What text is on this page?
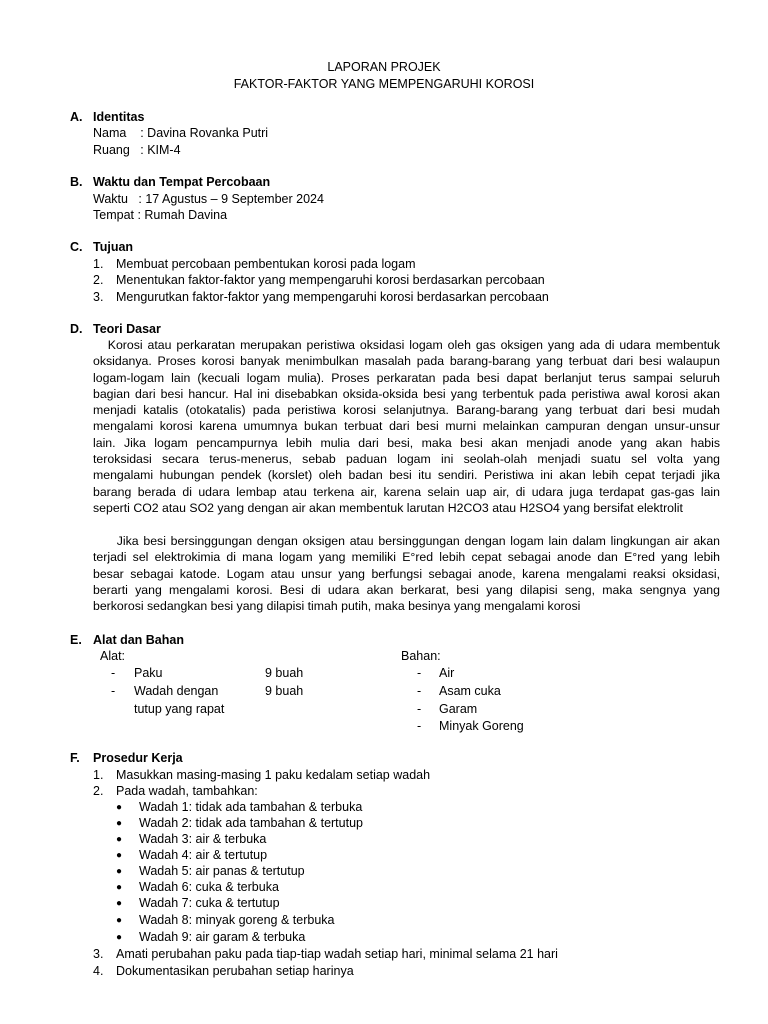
LAPORAN PROJEK
FAKTOR-FAKTOR YANG MEMPENGARUHI KOROSI
A. Identitas
Nama    : Davina Rovanka Putri
Ruang   : KIM-4
B. Waktu dan Tempat Percobaan
Waktu   : 17 Agustus – 9 September 2024
Tempat : Rumah Davina
C. Tujuan
1. Membuat percobaan pembentukan korosi pada logam
2. Menentukan faktor-faktor yang mempengaruhi korosi berdasarkan percobaan
3. Mengurutkan faktor-faktor yang mempengaruhi korosi berdasarkan percobaan
D. Teori Dasar
Korosi atau perkaratan merupakan peristiwa oksidasi logam oleh gas oksigen yang ada di udara membentuk
oksidanya. Proses korosi banyak menimbulkan masalah pada barang-barang yang terbuat dari besi walaupun
logam-logam lain (kecuali logam mulia). Proses perkaratan pada besi dapat berlanjut terus sampai seluruh
bagian dari besi hancur. Hal ini disebabkan oksida-oksida besi yang terbentuk pada peristiwa awal korosi akan
menjadi katalis (otokatalis) pada peristiwa korosi selanjutnya. Barang-barang yang terbuat dari besi mudah
mengalami korosi karena umumnya bukan terbuat dari besi murni melainkan campuran dengan unsur-unsur
lain. Jika logam pencampurnya lebih mulia dari besi, maka besi akan menjadi anode yang akan habis
teroksidasi secara terus-menerus, sebab paduan logam ini seolah-olah menjadi suatu sel volta yang
mengalami hubungan pendek (korslet) oleh badan besi itu sendiri. Peristiwa ini akan lebih cepat terjadi jika
barang berada di udara lembap atau terkena air, karena selain uap air, di udara juga terdapat gas-gas lain
seperti CO2 atau SO2 yang dengan air akan membentuk larutan H2CO3 atau H2SO4 yang bersifat elektrolit
Jika besi bersinggungan dengan oksigen atau bersinggungan dengan logam lain dalam lingkungan air akan
terjadi sel elektrokimia di mana logam yang memiliki E°red lebih cepat sebagai anode dan E°red yang lebih
besar sebagai katode. Logam atau unsur yang berfungsi sebagai anode, karena mengalami reaksi oksidasi,
berarti yang mengalami korosi. Besi di udara akan berkarat, besi yang dilapisi seng, maka sengnya yang
berkorosi sedangkan besi yang dilapisi timah putih, maka besinya yang mengalami korosi
E. Alat dan Bahan
Alat:	Bahan:
- Paku	9 buah
- Wadah dengan	9 buah
tutup yang rapat
- Air
- Asam cuka
- Garam
- Minyak Goreng
F. Prosedur Kerja
1. Masukkan masing-masing 1 paku kedalam setiap wadah
2. Pada wadah, tambahkan:
● Wadah 1: tidak ada tambahan & terbuka
● Wadah 2: tidak ada tambahan & tertutup
● Wadah 3: air & terbuka
● Wadah 4: air & tertutup
● Wadah 5: air panas & tertutup
● Wadah 6: cuka & terbuka
● Wadah 7: cuka & tertutup
● Wadah 8: minyak goreng & terbuka
● Wadah 9: air garam & terbuka
3. Amati perubahan paku pada tiap-tiap wadah setiap hari, minimal selama 21 hari
4. Dokumentasikan perubahan setiap harinya
